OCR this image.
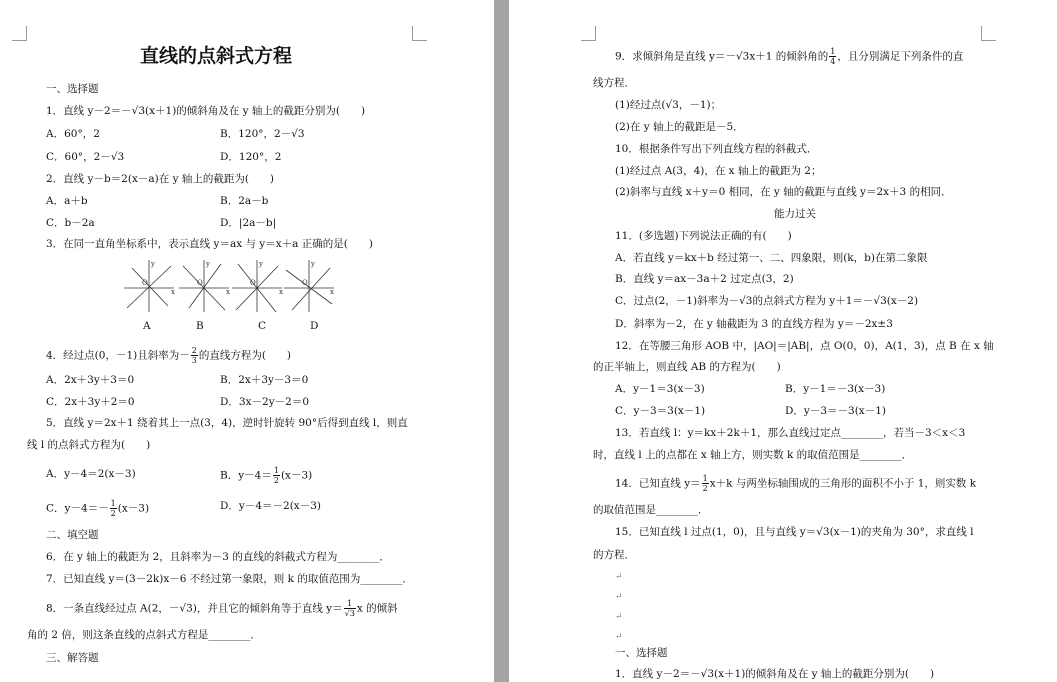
直线的点斜式方程
一、选择题
1．直线 y－2＝－√3(x＋1)的倾斜角及在 y 轴上的截距分别为(　　)
A．60°，2	B．120°，2－√3
C．60°，2－√3	D．120°，2
2．直线 y－b＝2(x－a)在 y 轴上的截距为(　　)
A．a＋b	B．2a－b
C．b－2a	D．|2a－b|
3．在同一直角坐标系中，表示直线 y＝ax 与 y＝x＋a 正确的是(　　)
O
x
y
O
x
y
O
x
y
O
x
y
A	B	C	D
4．经过点(0，－1)且斜率为－ $\frac{2}{3}$ 的直线方程为(　　)
A．2x＋3y＋3＝0	B．2x＋3y－3＝0
C．2x＋3y＋2＝0	D．3x－2y－2＝0
5．直线 y＝2x＋1 绕着其上一点(3，4)，逆时针旋转 90°后得到直线 l，则直
线 l 的点斜式方程为(　　)
A．y－4＝2(x－3)	B．$y-4= \frac{1}{2} (x-3)$
C．$y-4=- \frac{1}{2} (x-3)$	D．y－4＝－2(x－3)
二、填空题
6．在 y 轴上的截距为 2，且斜率为－3 的直线的斜截式方程为________．
7．已知直线 y＝(3－2k)x－6 不经过第一象限，则 k 的取值范围为________．
8．一条直线经过点 A(2，－√3)，并且它的倾斜角等于直线 $y= \frac{1}{√3}$ x 的倾斜
角的 2 倍，则这条直线的点斜式方程是________．
三、解答题
9．求倾斜角是直线 y＝－√3x＋1 的倾斜角的 $\frac{1}{4}$ ，且分别满足下列条件的直
线方程．
(1)经过点(√3，－1)；
(2)在 y 轴上的截距是－5．
10．根据条件写出下列直线方程的斜截式．
(1)经过点 A(3，4)，在 x 轴上的截距为 2；
(2)斜率与直线 x＋y＝0 相同，在 y 轴的截距与直线 y＝2x＋3 的相同．
能力过关
11．(多选题)下列说法正确的有(　　)
A．若直线 y＝kx＋b 经过第一、二、四象限，则(k，b)在第二象限
B．直线 y＝ax－3a＋2 过定点(3，2)
C．过点(2，－1)斜率为－√3的点斜式方程为 y＋1＝－√3(x－2)
D．斜率为－2，在 y 轴截距为 3 的直线方程为 y＝－2x±3
12．在等腰三角形 AOB 中，|AO|＝|AB|，点 O(0，0)，A(1，3)，点 B 在 x 轴
的正半轴上，则直线 AB 的方程为(　　)
A．y－1＝3(x－3)	B．y－1＝－3(x－3)
C．y－3＝3(x－1)	D．y－3＝－3(x－1)
13．若直线 l：y＝kx＋2k＋1，那么直线过定点________，若当－3＜x＜3
时，直线 l 上的点都在 x 轴上方，则实数 k 的取值范围是________．
14．已知直线 $y= \frac{1}{2} x+k$ 与两坐标轴围成的三角形的面积不小于 1，则实数 k
的取值范围是________．
15．已知直线 l 过点(1，0)，且与直线 y＝√3(x－1)的夹角为 30°，求直线 l
的方程．
↵
↵
↵
↵
一、选择题
1．直线 y－2＝－√3(x＋1)的倾斜角及在 y 轴上的截距分别为(　　)
